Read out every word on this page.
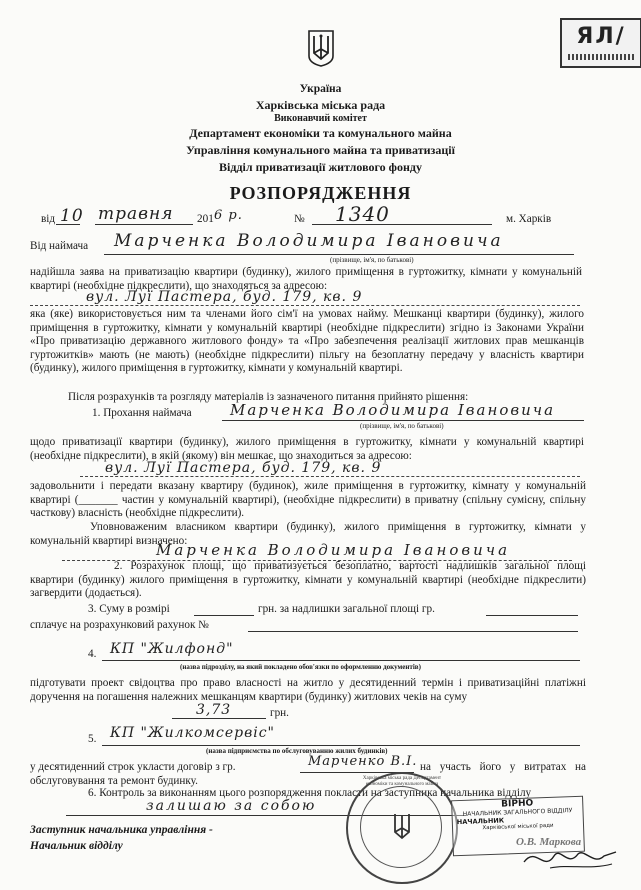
ЯЛ/
Україна
Харківська міська рада
Виконавчий комітет
Департамент економіки та комунального майна
Управління комунального майна та приватизації
Відділ приватизації житлового фонду
РОЗПОРЯДЖЕННЯ
від 10 травня 201 6 р.	№ 1340	м. Харків
Від наймача Марченка Володимира Івановича
(прізвище, ім'я, по батькові)
надійшла заява на приватизацію квартири (будинку), жилого приміщення в гуртожитку, кімнати у комунальній квартирі (необхідне підкреслити), що знаходяться за адресою:
вул. Луї Пастера, буд. 179, кв. 9
яка (яке) використовується ним та членами його сім'ї на умовах найму. Мешканці квартири (будинку), жилого приміщення в гуртожитку, кімнати у комунальній квартирі (необхідне підкреслити) згідно із Законами України «Про приватизацію державного житлового фонду» та «Про забезпечення реалізації житлових прав мешканців гуртожитків» мають (не мають) (необхідне підкреслити) пільгу на безоплатну передачу у власність квартири (будинку), жилого приміщення в гуртожитку, кімнати у комунальній квартирі.
Після розрахунків та розгляду матеріалів із зазначеного питання прийнято рішення:
1. Прохання наймача	Марченка Володимира Івановича
(прізвище, ім'я, по батькові)
щодо приватизації квартири (будинку), жилого приміщення в гуртожитку, кімнати у комунальній квартирі (необхідне підкреслити), в якій (якому) він мешкає, що знаходиться за адресою:
вул. Луї Пастера, буд. 179, кв. 9
задовольнити і передати вказану квартиру (будинок), жиле приміщення в гуртожитку, кімнату у комунальній квартирі (_______ частин у комунальній квартирі), (необхідне підкреслити) в приватну (спільну сумісну, спільну часткову) власність (необхідне підкреслити).
Уповноваженим власником квартири (будинку), жилого приміщення в гуртожитку, кімнати у комунальній квартирі визначено:
Марченка Володимира Івановича
2. Розрахунок площі, що приватизується безоплатно, вартості надлишків загальної площі квартири (будинку) жилого приміщення в гуртожитку, кімнати у комунальній квартирі (необхідне підкреслити) загвердити (додається).
3. Суму в розмірі	грн. за надлишки загальної площі гр.
сплачує на розрахунковий рахунок №
4. КП "Жилфонд"
(назва підрозділу, на який покладено обов'язки по оформленню документів)
підготувати проект свідоцтва про право власності на житло у десятиденний термін і приватизаційні платіжні доручення на погашення належних мешканцям квартири (будинку) житлових чеків на суму
3,73	грн.
5. КП "Жилкомсервіс"
(назва підприємства по обслуговуванню жилих будинків)
у десятиденний строк укласти договір з гр.	Марченко В.І. на участь його у витратах на обслуговування та ремонт будинку.
6. Контроль за виконанням цього розпорядження покласти на заступника начальника відділу
залишаю за собою
Заступник начальника управління -
Начальник відділу	О.В. Маркова
Харківська міська рада Департамент економіки та комунального майна
ВІРНО
НАЧАЛЬНИК ЗАГАЛЬНОГО ВІДДІЛУ
НАЧАЛЬНИК
Харківської міської ради
